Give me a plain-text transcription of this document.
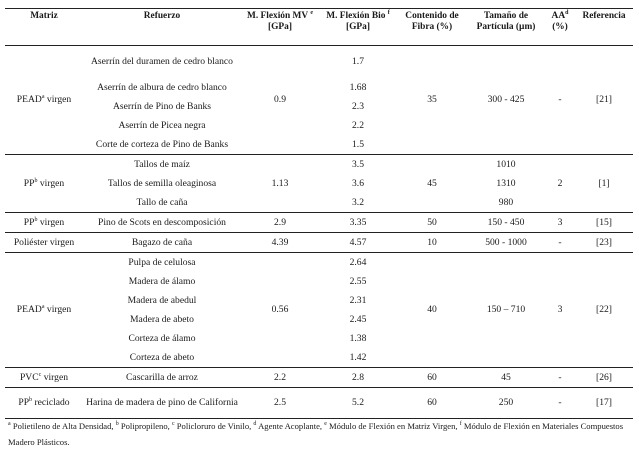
Matriz	Refuerzo	M. Flexión MV $^e$ [GPa]	M. Flexión Bio $^f$ [GPa]	Contenido de Fibra (%)	Tamaño de Partícula (µm)	$AA^d$ (%)	Referencia
PEAD$^a$ virgen	Aserrín del duramen de cedro blanco	0.9	1.7	35	300 - 425	-	[21]
	Aserrín de albura de cedro blanco		1.68				
	Aserrín de Pino de Banks		2.3				
	Aserrín de Picea negra		2.2				
	Corte de corteza de Pino de Banks		1.5				
$PP^b$ virgen	Tallos de maíz	1.13	3.5	45	1010	2	[1]
	Tallos de semilla oleaginosa		3.6		1310		
	Tallo de caña		3.2		980		
$PP^b$ virgen	Pino de Scots en descomposición	2.9	3.35	50	150 - 450	3	[15]
Poliéster virgen	Bagazo de caña	4.39	4.57	10	500 - 1000	-	[23]
PEAD$^a$ virgen	Pulpa de celulosa	0.56	2.64	40	150 – 710	3	[22]
	Madera de álamo		2.55				
	Madera de abedul		2.31				
	Madera de abeto		2.45				
	Corteza de álamo		1.38				
	Corteza de abeto		1.42				
PVC$^c$ virgen	Cascarilla de arroz	2.2	2.8	60	45	-	[26]
$PP^b$ reciclado	Harina de madera de pino de California	2.5	5.2	60	250	-	[17]
$^a$ Polietileno de Alta Densidad, $^b$ Polipropileno, $^c$ Policloruro de Vinilo, $^d$ Agente Acoplante, $^e$ Módulo de Flexión en Matriz Virgen, $^f$ Módulo de Flexión en Materiales Compuestos Madero Plásticos.
